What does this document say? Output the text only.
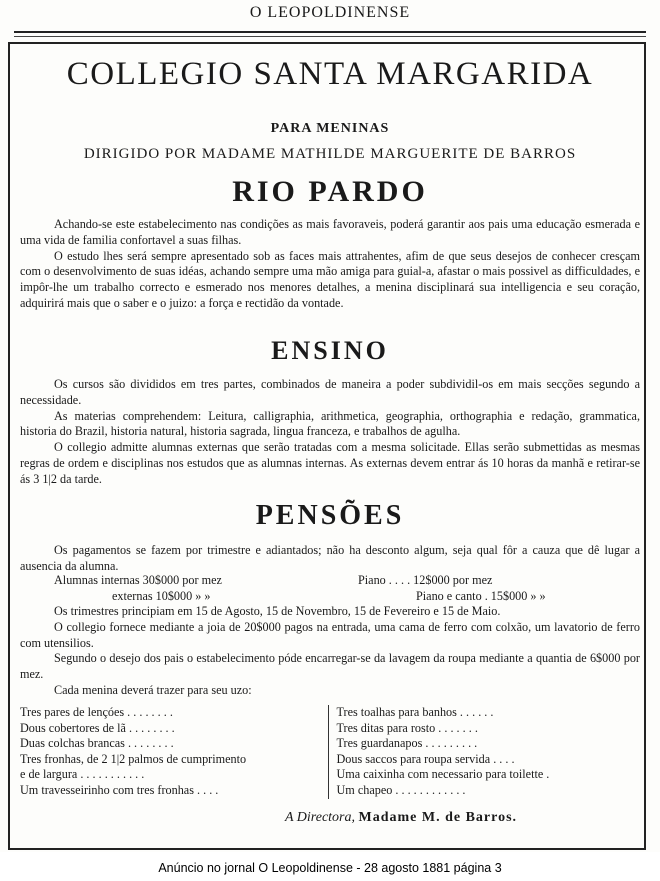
O LEOPOLDINENSE
COLLEGIO SANTA MARGARIDA
PARA MENINAS
DIRIGIDO POR MADAME MATHILDE MARGUERITE DE BARROS
RIO PARDO

Achando-se este estabelecimento nas condições as mais favoraveis, poderá garantir aos pais uma educação esmerada e uma vida de familia confortavel a suas filhas.

O estudo lhes será sempre apresentado sob as faces mais attrahentes, afim de que seus desejos de conhecer cresçam com o desenvolvimento de suas idéas, achando sempre uma mão amiga para guial-a, afastar o mais possivel as difficuldades, e impôr-lhe um trabalho correcto e esmerado nos menores detalhes, a menina disciplinará sua intelligencia e seu coração, adquirirá mais que o saber e o juizo: a força e rectidão da vontade.

ENSINO

Os cursos são divididos em tres partes, combinados de maneira a poder subdividil-os em mais secções segundo a necessidade.

As materias comprehendem: Leitura, calligraphia, arithmetica, geographia, orthographia e redação, grammatica, historia do Brazil, historia natural, historia sagrada, lingua franceza, e trabalhos de agulha.

O collegio admitte alumnas externas que serão tratadas com a mesma solicitade. Ellas serão submettidas as mesmas regras de ordem e disciplinas nos estudos que as alumnas internas. As externas devem entrar ás 10 horas da manhã e retirar-se ás 3 1|2 da tarde.

PENSÕES

Os pagamentos se fazem por trimestre e adiantados; não ha desconto algum, seja qual fôr a cauza que dê lugar a ausencia da alumna.

Alumnas internas 30$000 por mez	Piano . . . . 12$000 por mez
externas 10$000 » »	Piano e canto . 15$000 » »

Os trimestres principiam em 15 de Agosto, 15 de Novembro, 15 de Fevereiro e 15 de Maio.

O collegio fornece mediante a joia de 20$000 pagos na entrada, uma cama de ferro com colxão, um lavatorio de ferro com utensilios.

Segundo o desejo dos pais o estabelecimento póde encarregar-se da lavagem da roupa mediante a quantia de 6$000 por mez.

Cada menina deverá trazer para seu uzo:

Tres pares de lençóes . . . . . . . .
Dous cobertores de lã . . . . . . . .
Duas colchas brancas . . . . . . . .
Tres fronhas, de 2 1|2 palmos de cumprimento
e de largura . . . . . . . . . . .
Um travesseirinho com tres fronhas . . . .
Tres toalhas para banhos . . . . . .
Tres ditas para rosto . . . . . . .
Tres guardanapos . . . . . . . . .
Dous saccos para roupa servida . . . .
Uma caixinha com necessario para toilette .
Um chapeo . . . . . . . . . . . .
A Directora, Madame M. de Barros.
Anúncio no jornal O Leopoldinense - 28 agosto 1881 página 3
